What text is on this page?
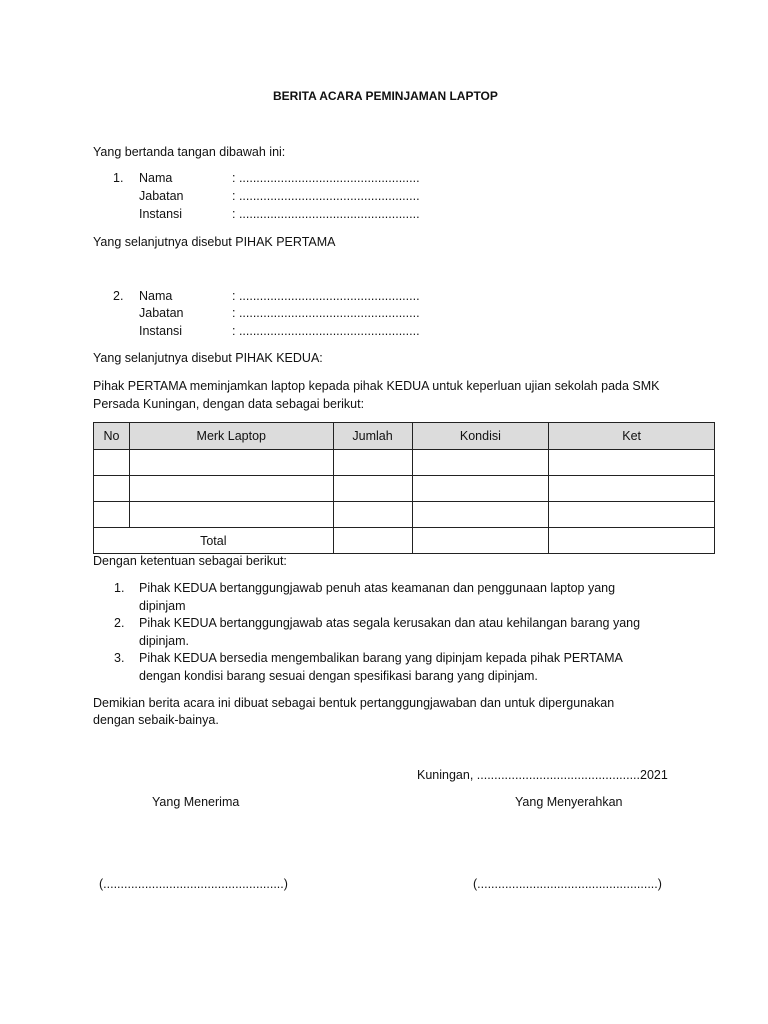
BERITA ACARA PEMINJAMAN LAPTOP
Yang bertanda tangan dibawah ini:
1. Nama	: ....................................................
Jabatan	: ....................................................
Instansi	: ....................................................
Yang selanjutnya disebut PIHAK PERTAMA
2. Nama	: ....................................................
Jabatan	: ....................................................
Instansi	: ....................................................
Yang selanjutnya disebut PIHAK KEDUA:
Pihak PERTAMA meminjamkan laptop kepada pihak KEDUA untuk keperluan ujian sekolah pada SMK
Persada Kuningan, dengan data sebagai berikut:
No	Merk Laptop	Jumlah	Kondisi	Ket

Total				
Dengan ketentuan sebagai berikut:
1. Pihak KEDUA bertanggungjawab penuh atas keamanan dan penggunaan laptop yang
dipinjam
2. Pihak KEDUA bertanggungjawab atas segala kerusakan dan atau kehilangan barang yang
dipinjam.
3. Pihak KEDUA bersedia mengembalikan barang yang dipinjam kepada pihak PERTAMA
dengan kondisi barang sesuai dengan spesifikasi barang yang dipinjam.
Demikian berita acara ini dibuat sebagai bentuk pertanggungjawaban dan untuk dipergunakan
dengan sebaik-bainya.
Kuningan, ...............................................2021
Yang Menerima	Yang Menyerahkan
(....................................................)	(....................................................)
